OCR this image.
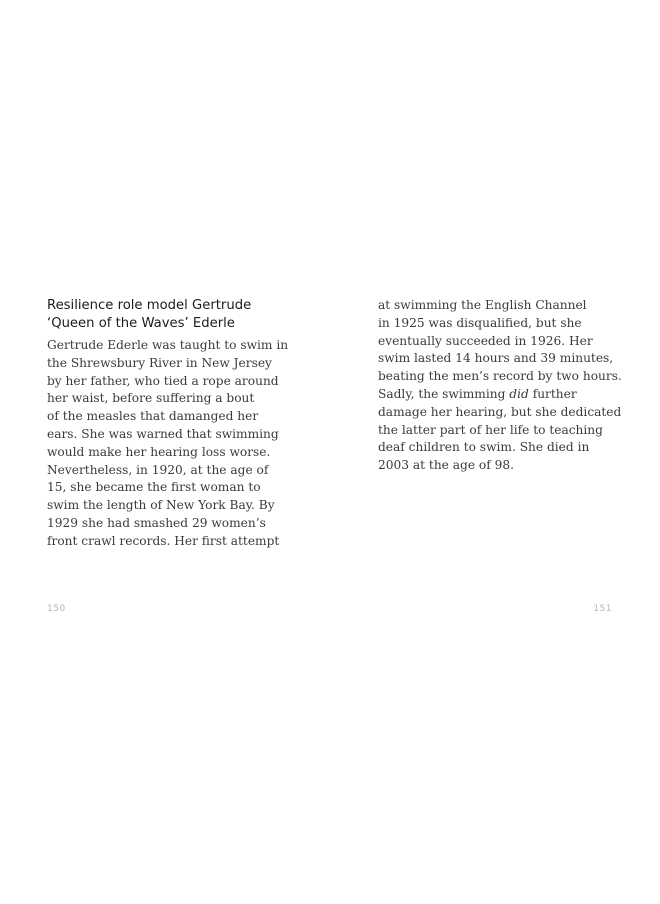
Resilience role model Gertrude
‘Queen of the Waves’ Ederle
Gertrude Ederle was taught to swim in
the Shrewsbury River in New Jersey
by her father, who tied a rope around
her waist, before suffering a bout
of the measles that damanged her
ears. She was warned that swimming
would make her hearing loss worse.
Nevertheless, in 1920, at the age of
15, she became the first woman to
swim the length of New York Bay. By
1929 she had smashed 29 women’s
front crawl records. Her first attempt
150
at swimming the English Channel
in 1925 was disqualified, but she
eventually succeeded in 1926. Her
swim lasted 14 hours and 39 minutes,
beating the men’s record by two hours.
Sadly, the swimming did further
damage her hearing, but she dedicated
the latter part of her life to teaching
deaf children to swim. She died in
2003 at the age of 98.
151
